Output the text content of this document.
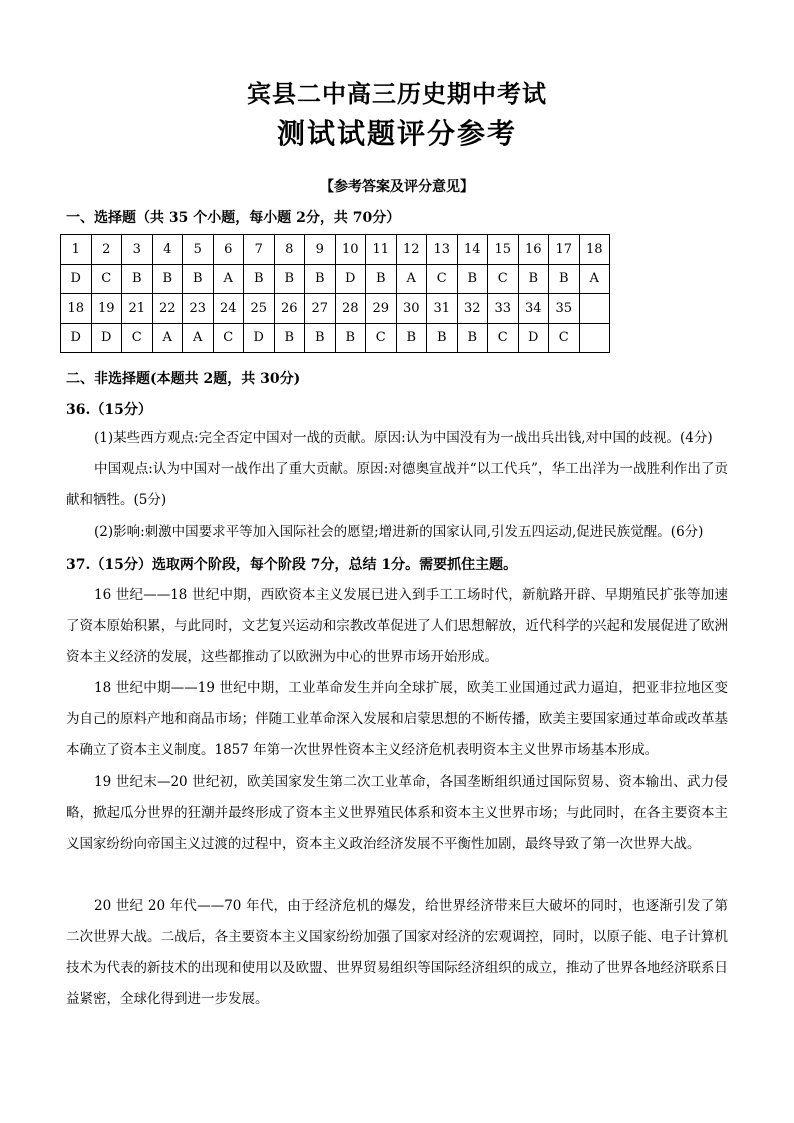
宾县二中高三历史期中考试
测试试题评分参考
【参考答案及评分意见】
一、选择题（共 35 个小题，每小题 2分，共 70分）
1	2	3	4	5	6	7	8	9	10	11	12	13	14	15	16	17	18
D	C	B	B	B	A	B	B	B	D	B	A	C	B	C	B	B	A
18	19	21	22	23	24	25	26	27	28	29	30	31	32	33	34	35	
D	D	C	A	A	C	D	B	B	B	C	B	B	B	C	D	C	
二、非选择题(本题共 2题，共 30分)
36.（15分）
(1)某些西方观点:完全否定中国对一战的贡献。原因:认为中国没有为一战出兵出钱,对中国的歧视。(4分)
中国观点:认为中国对一战作出了重大贡献。原因:对德奥宣战并“以工代兵”，华工出洋为一战胜利作出了贡献和牺牲。(5分)
(2)影响:刺激中国要求平等加入国际社会的愿望;增进新的国家认同,引发五四运动,促进民族觉醒。(6分)
37.（15分）选取两个阶段，每个阶段 7分，总结 1分。需要抓住主题。
16 世纪——18 世纪中期，西欧资本主义发展已进入到手工工场时代，新航路开辟、早期殖民扩张等加速了资本原始积累，与此同时，文艺复兴运动和宗教改革促进了人们思想解放，近代科学的兴起和发展促进了欧洲资本主义经济的发展，这些都推动了以欧洲为中心的世界市场开始形成。
18 世纪中期——19 世纪中期，工业革命发生并向全球扩展，欧美工业国通过武力逼迫，把亚非拉地区变为自己的原料产地和商品市场；伴随工业革命深入发展和启蒙思想的不断传播，欧美主要国家通过革命或改革基本确立了资本主义制度。1857 年第一次世界性资本主义经济危机表明资本主义世界市场基本形成。
19 世纪末—20 世纪初，欧美国家发生第二次工业革命，各国垄断组织通过国际贸易、资本输出、武力侵略，掀起瓜分世界的狂潮并最终形成了资本主义世界殖民体系和资本主义世界市场；与此同时，在各主要资本主义国家纷纷向帝国主义过渡的过程中，资本主义政治经济发展不平衡性加剧，最终导致了第一次世界大战。
20 世纪 20 年代——70 年代，由于经济危机的爆发，给世界经济带来巨大破坏的同时，也逐渐引发了第二次世界大战。二战后，各主要资本主义国家纷纷加强了国家对经济的宏观调控，同时，以原子能、电子计算机技术为代表的新技术的出现和使用以及欧盟、世界贸易组织等国际经济组织的成立，推动了世界各地经济联系日益紧密，全球化得到进一步发展。
